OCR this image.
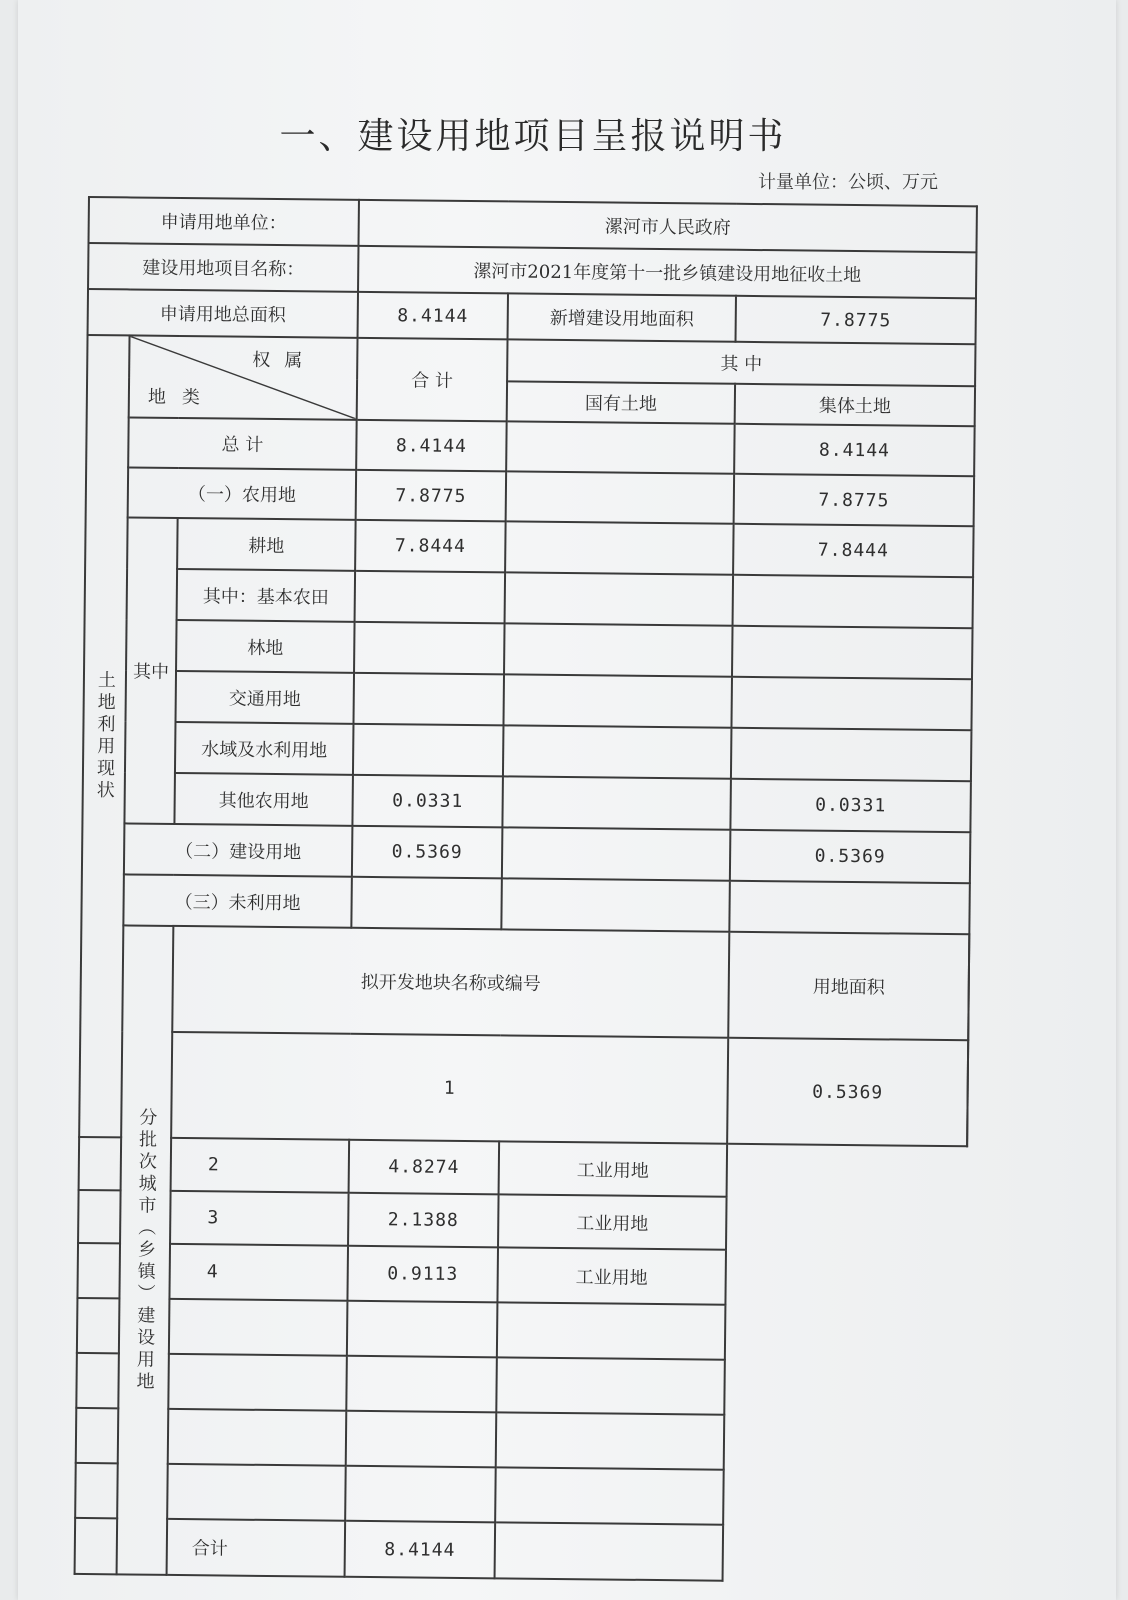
一、建设用地项目呈报说明书
计量单位：公顷、万元
申请用地单位：			漯河市人民政府			
建设用地项目名称：			漯河市2021年度第十一批乡镇建设用地征收土地			
申请用地总面积			8.4144	新增建设用地面积	7.8775	
土地利用现状	权属
地类		合 计	其 中		
				国有土地	集体土地	
	总 计		8.4144		8.4144	
	（一）农用地		7.8775		7.8775	
	其中	耕地	7.8444		7.8444	
		其中：基本农田				
		林地				
		交通用地				
		水域及水利用地				
		其他农用地	0.0331		0.0331	
	（二）建设用地		0.5369		0.5369	
	（三）未利用地					
	分批次城市（乡镇）建设用地	拟开发地块名称或编号			用地面积	
		1			0.5369	
2			4.8274	工业用地		
3			2.1388	工业用地		
4			0.9113	工业用地		

合计			8.4144			
